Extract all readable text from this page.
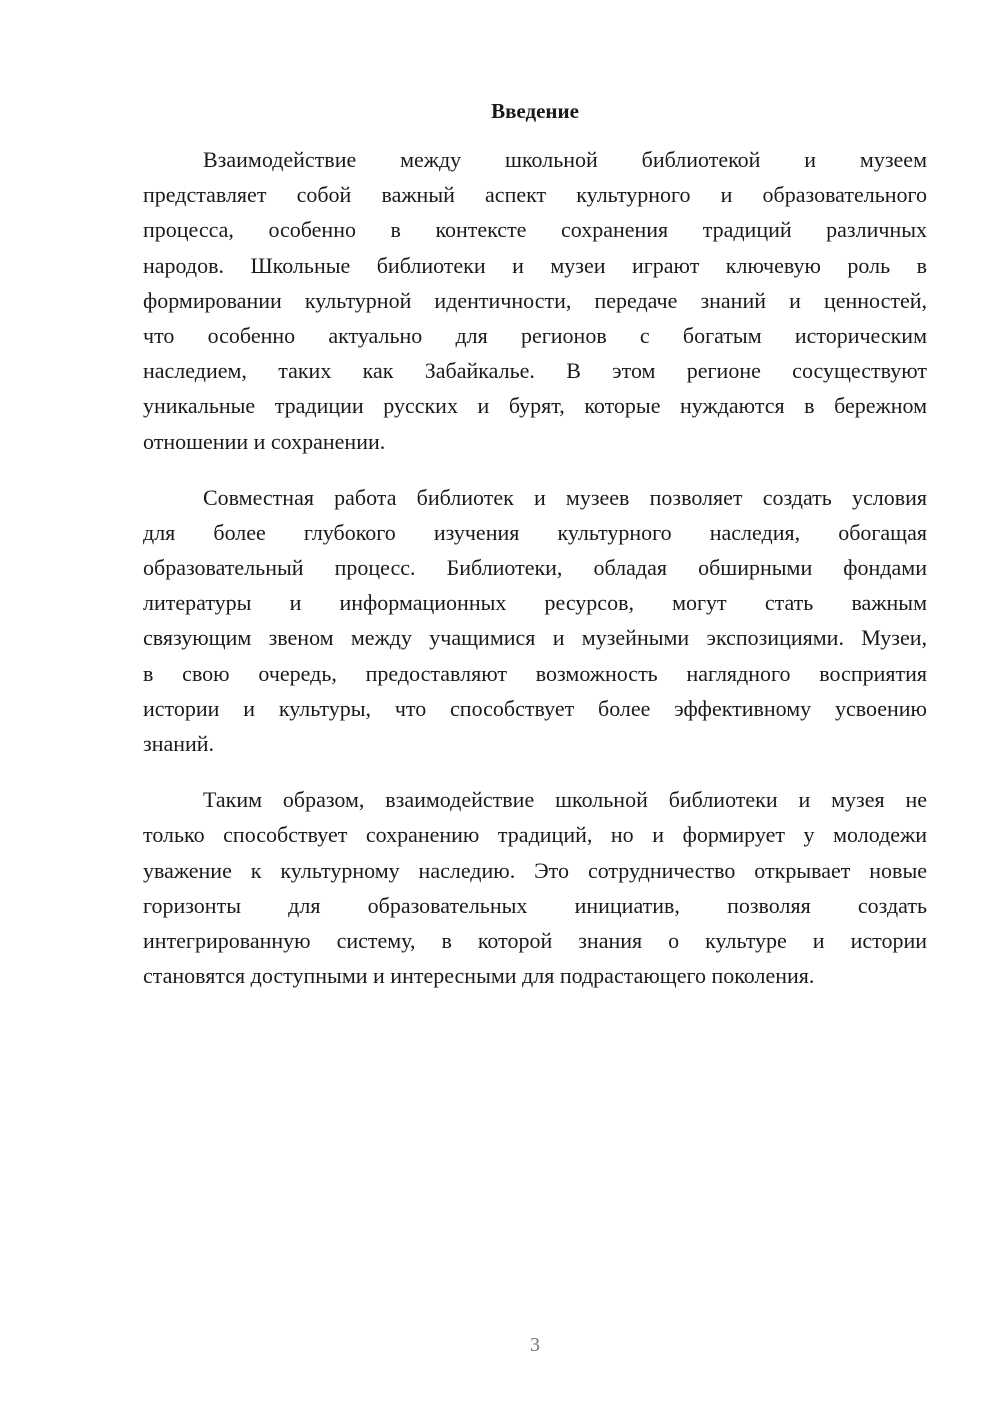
Введение
Взаимодействие между школьной библиотекой и музеем
представляет собой важный аспект культурного и образовательного
процесса, особенно в контексте сохранения традиций различных
народов. Школьные библиотеки и музеи играют ключевую роль в
формировании культурной идентичности, передаче знаний и ценностей,
что особенно актуально для регионов с богатым историческим
наследием, таких как Забайкалье. В этом регионе сосуществуют
уникальные традиции русских и бурят, которые нуждаются в бережном
отношении и сохранении.
Совместная работа библиотек и музеев позволяет создать условия
для более глубокого изучения культурного наследия, обогащая
образовательный процесс. Библиотеки, обладая обширными фондами
литературы и информационных ресурсов, могут стать важным
связующим звеном между учащимися и музейными экспозициями. Музеи,
в свою очередь, предоставляют возможность наглядного восприятия
истории и культуры, что способствует более эффективному усвоению
знаний.
Таким образом, взаимодействие школьной библиотеки и музея не
только способствует сохранению традиций, но и формирует у молодежи
уважение к культурному наследию. Это сотрудничество открывает новые
горизонты для образовательных инициатив, позволяя создать
интегрированную систему, в которой знания о культуре и истории
становятся доступными и интересными для подрастающего поколения.
3
